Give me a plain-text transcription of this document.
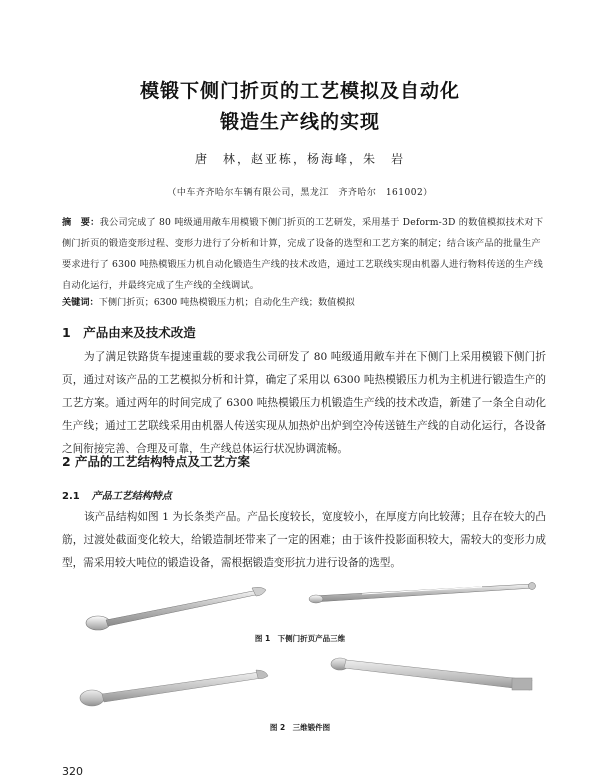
模锻下侧门折页的工艺模拟及自动化
锻造生产线的实现
唐　林，赵亚栋，杨海峰，朱　岩
（中车齐齐哈尔车辆有限公司，黑龙江　齐齐哈尔　161002）
摘　要：我公司完成了 80 吨级通用敞车用模锻下侧门折页的工艺研发，采用基于 Deform-3D 的数值模拟技术对下侧门折页的锻造变形过程、变形力进行了分析和计算，完成了设备的选型和工艺方案的制定；结合该产品的批量生产要求进行了 6300 吨热模锻压力机自动化锻造生产线的技术改造，通过工艺联线实现由机器人进行物料传送的生产线自动化运行，并最终完成了生产线的全线调试。
关键词：下侧门折页；6300 吨热模锻压力机；自动化生产线；数值模拟
1　产品由来及技术改造
为了满足铁路货车提速重载的要求我公司研发了 80 吨级通用敞车并在下侧门上采用模锻下侧门折页，通过对该产品的工艺模拟分析和计算，确定了采用以 6300 吨热模锻压力机为主机进行锻造生产的工艺方案。通过两年的时间完成了 6300 吨热模锻压力机锻造生产线的技术改造，新建了一条全自动化生产线；通过工艺联线采用由机器人传送实现从加热炉出炉到空冷传送链生产线的自动化运行，各设备之间衔接完善、合理及可靠，生产线总体运行状况协调流畅。
2 产品的工艺结构特点及工艺方案
2.1 产品工艺结构特点
该产品结构如图 1 为长条类产品。产品长度较长，宽度较小，在厚度方向比较薄；且存在较大的凸筋，过渡处截面变化较大，给锻造制坯带来了一定的困难；由于该件投影面积较大，需较大的变形力成型，需采用较大吨位的锻造设备，需根据锻造变形抗力进行设备的选型。
图 1　下侧门折页产品三维
图 2　三维锻件图
320
